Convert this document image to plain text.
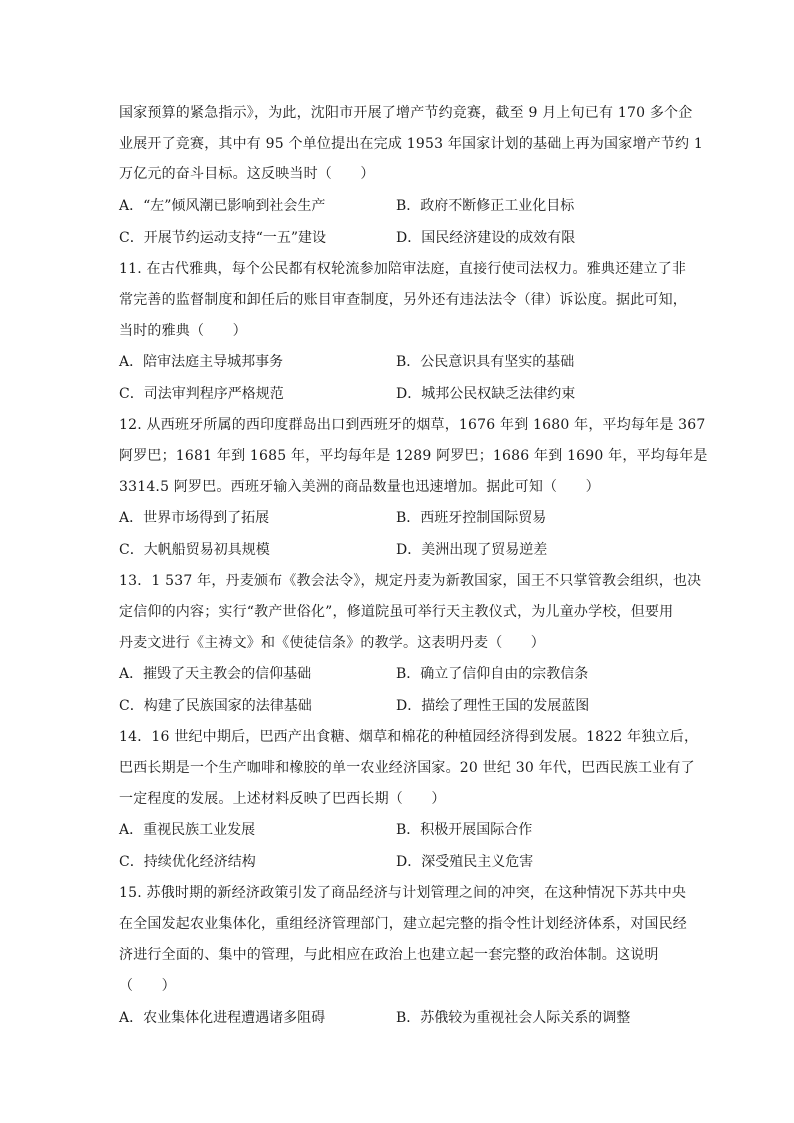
国家预算的紧急指示》，为此，沈阳市开展了增产节约竞赛，截至 9 月上旬已有 170 多个企
业展开了竞赛，其中有 95 个单位提出在完成 1953 年国家计划的基础上再为国家增产节约 1
万亿元的奋斗目标。这反映当时（　　）
A．“左”倾风潮已影响到社会生产	B．政府不断修正工业化目标
C．开展节约运动支持“一五”建设	D．国民经济建设的成效有限
11. 在古代雅典，每个公民都有权轮流参加陪审法庭，直接行使司法权力。雅典还建立了非
常完善的监督制度和卸任后的账目审查制度，另外还有违法法令（律）诉讼度。据此可知，
当时的雅典（　　）
A．陪审法庭主导城邦事务	B．公民意识具有坚实的基础
C．司法审判程序严格规范	D．城邦公民权缺乏法律约束
12. 从西班牙所属的西印度群岛出口到西班牙的烟草，1676 年到 1680 年，平均每年是 367
阿罗巴；1681 年到 1685 年，平均每年是 1289 阿罗巴；1686 年到 1690 年，平均每年是
3314.5 阿罗巴。西班牙输入美洲的商品数量也迅速增加。据此可知（　　）
A．世界市场得到了拓展	B．西班牙控制国际贸易
C．大帆船贸易初具规模	D．美洲出现了贸易逆差
13．1 537 年，丹麦颁布《教会法令》，规定丹麦为新教国家，国王不只掌管教会组织，也决
定信仰的内容；实行“教产世俗化”，修道院虽可举行天主教仪式，为儿童办学校，但要用
丹麦文进行《主祷文》和《使徒信条》的教学。这表明丹麦（　　）
A．摧毁了天主教会的信仰基础	B．确立了信仰自由的宗教信条
C．构建了民族国家的法律基础	D．描绘了理性王国的发展蓝图
14．16 世纪中期后，巴西产出食糖、烟草和棉花的种植园经济得到发展。1822 年独立后，
巴西长期是一个生产咖啡和橡胶的单一农业经济国家。20 世纪 30 年代，巴西民族工业有了
一定程度的发展。上述材料反映了巴西长期（　　）
A．重视民族工业发展	B．积极开展国际合作
C．持续优化经济结构	D．深受殖民主义危害
15. 苏俄时期的新经济政策引发了商品经济与计划管理之间的冲突，在这种情况下苏共中央
在全国发起农业集体化，重组经济管理部门，建立起完整的指令性计划经济体系，对国民经
济进行全面的、集中的管理，与此相应在政治上也建立起一套完整的政治体制。这说明
（　　）
A．农业集体化进程遭遇诸多阻碍	B．苏俄较为重视社会人际关系的调整
